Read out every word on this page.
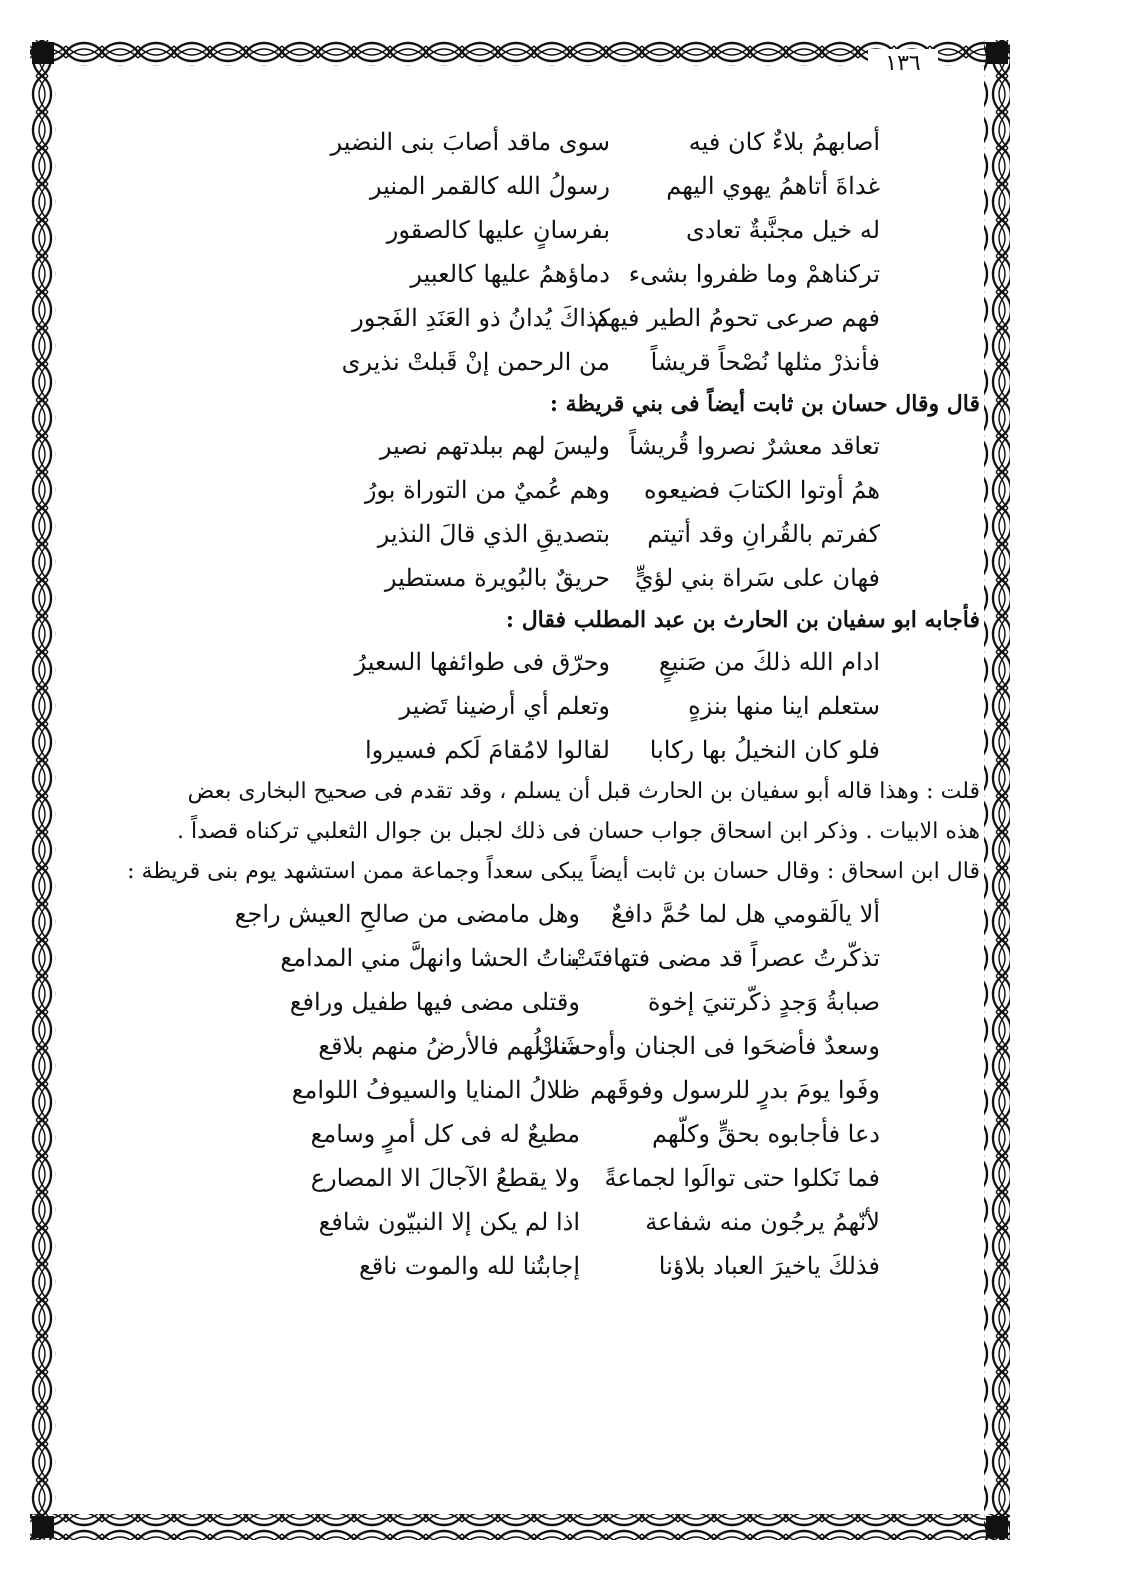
١٣٦
أصابهمُ بلاءٌ كان فيه
سوى ماقد أصابَ بنى النضير
غداةَ أتاهمُ يهوي اليهم
رسولُ الله كالقمر المنير
له خيل مجنَّبةٌ تعادى
بفرسانٍ عليها كالصقور
تركناهمْ وما ظفروا بشىء
دماؤهمُ عليها كالعبير
فهم صرعى تحومُ الطير فيهم
كذاكَ يُدانُ ذو العَنَدِ الفَجور
فأنذرْ مثلها نُصْحاً قريشاً
من الرحمن إنْ قَبلتْ نذيرى
قال وقال حسان بن ثابت أيضاً فى بني قريظة :
تعاقد معشرٌ نصروا قُريشاً
وليسَ لهم ببلدتهم نصير
همُ أوتوا الكتابَ فضيعوه
وهم عُميٌ من التوراة بورُ
كفرتم بالقُرانِ وقد أتيتم
بتصديقِ الذي قالَ النذير
فهان على سَراة بني لؤيٍّ
حريقٌ بالبُويرة مستطير
فأجابه ابو سفيان بن الحارث بن عبد المطلب فقال :
ادام الله ذلكَ من صَنيعٍ
وحرّق فى طوائفها السعيرُ
ستعلم اينا منها بنزهٍ
وتعلم أي أرضينا تَضير
فلو كان النخيلُ بها ركابا
لقالوا لامُقامَ لَكم فسيروا
قلت : وهذا قاله أبو سفيان بن الحارث قبل أن يسلم ، وقد تقدم فى صحيح البخارى بعض
هذه الابيات . وذكر ابن اسحاق جواب حسان فى ذلك لجبل بن جوال الثعلبي تركناه قصداً .
قال ابن اسحاق : وقال حسان بن ثابت أيضاً يبكى سعداً وجماعة ممن استشهد يوم بنى قريظة :
ألا يالَقومي هل لما حُمَّ دافعٌ
وهل مامضى من صالحِ العيش راجع
تذكّرتُ عصراً قد مضى فتهافتَتْ
بناتُ الحشا وانهلَّ مني المدامع
صبابةُ وَجدٍ ذكّرتنيَ إخوة
وقتلى مضى فيها طفيل ورافع
وسعدٌ فأضحَوا فى الجنان وأوحشَتْ
منازلُهم فالأرضُ منهم بلاقع
وفَوا يومَ بدرٍ للرسول وفوقَهم
ظلالُ المنايا والسيوفُ اللوامع
دعا فأجابوه بحقٍّ وكلّهم
مطيعٌ له فى كل أمرٍ وسامع
فما نَكلوا حتى توالَوا لجماعةً
ولا يقطعُ الآجالَ الا المصارع
لأنّهمُ يرجُون منه شفاعة
اذا لم يكن إلا النبيّون شافع
فذلكَ ياخيرَ العباد بلاؤنا
إجابتُنا لله والموت ناقع
